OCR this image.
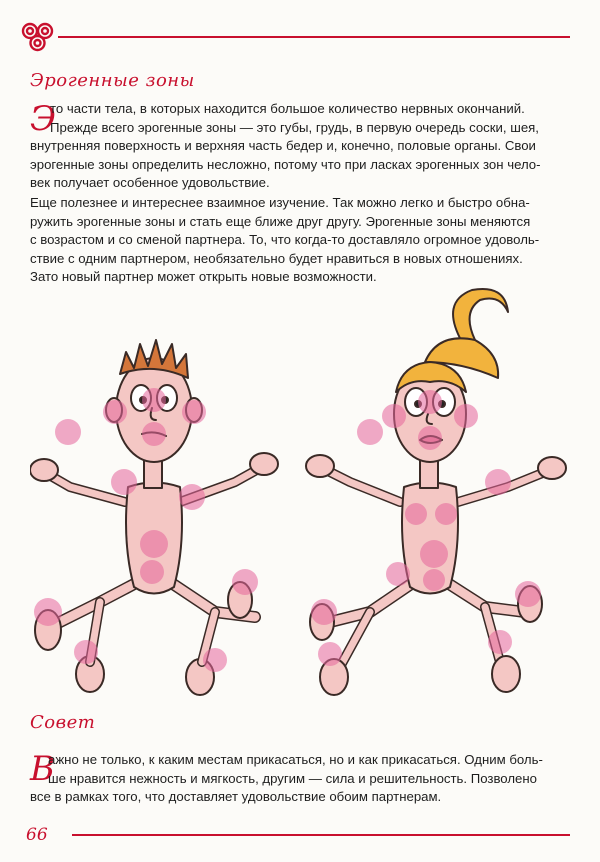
Эрогенные зоны
Э

то части тела, в которых находится большое количество нервных окончаний.
Прежде всего эрогенные зоны — это губы, грудь, в первую очередь соски, шея,
внутренняя поверхность и верхняя часть бедер и, конечно, половые органы. Свои
эрогенные зоны определить несложно, потому что при ласках эрогенных зон чело-
век получает особенное удовольствие.

Еще полезнее и интереснее взаимное изучение. Так можно легко и быстро обна-
ружить эрогенные зоны и стать еще ближе друг другу. Эрогенные зоны меняются
с возрастом и со сменой партнера. То, что когда-то доставляло огромное удоволь-
ствие с одним партнером, необязательно будет нравиться в новых отношениях.
Зато новый партнер может открыть новые возможности.

Совет
В

ажно не только, к каким местам прикасаться, но и как прикасаться. Одним боль-
ше нравится нежность и мягкость, другим — сила и решительность. Позволено
все в рамках того, что доставляет удовольствие обоим партнерам.

66
